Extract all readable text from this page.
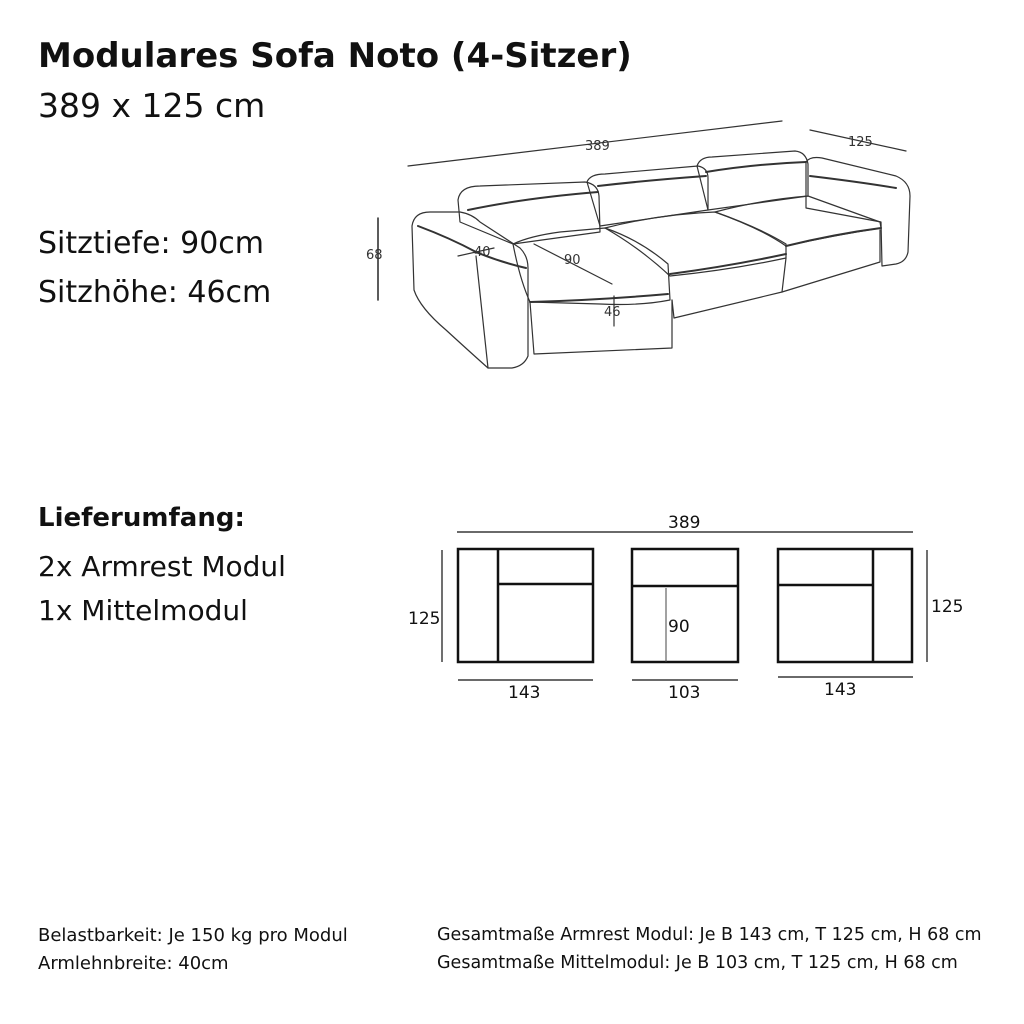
Modulares Sofa Noto (4-Sitzer)
389 x 125 cm
Sitztiefe: 90cm
Sitzhöhe: 46cm
Lieferumfang:
2x Armrest Modul
1x Mittelmodul
389	125
68	40
90
46
389
125
125
143	103
90
143
Belastbarkeit: Je 150 kg pro Modul
Armlehnbreite: 40cm
Gesamtmaße Armrest Modul: Je B 143 cm, T 125 cm, H 68 cm
Gesamtmaße Mittelmodul: Je B 103 cm, T 125 cm, H 68 cm
